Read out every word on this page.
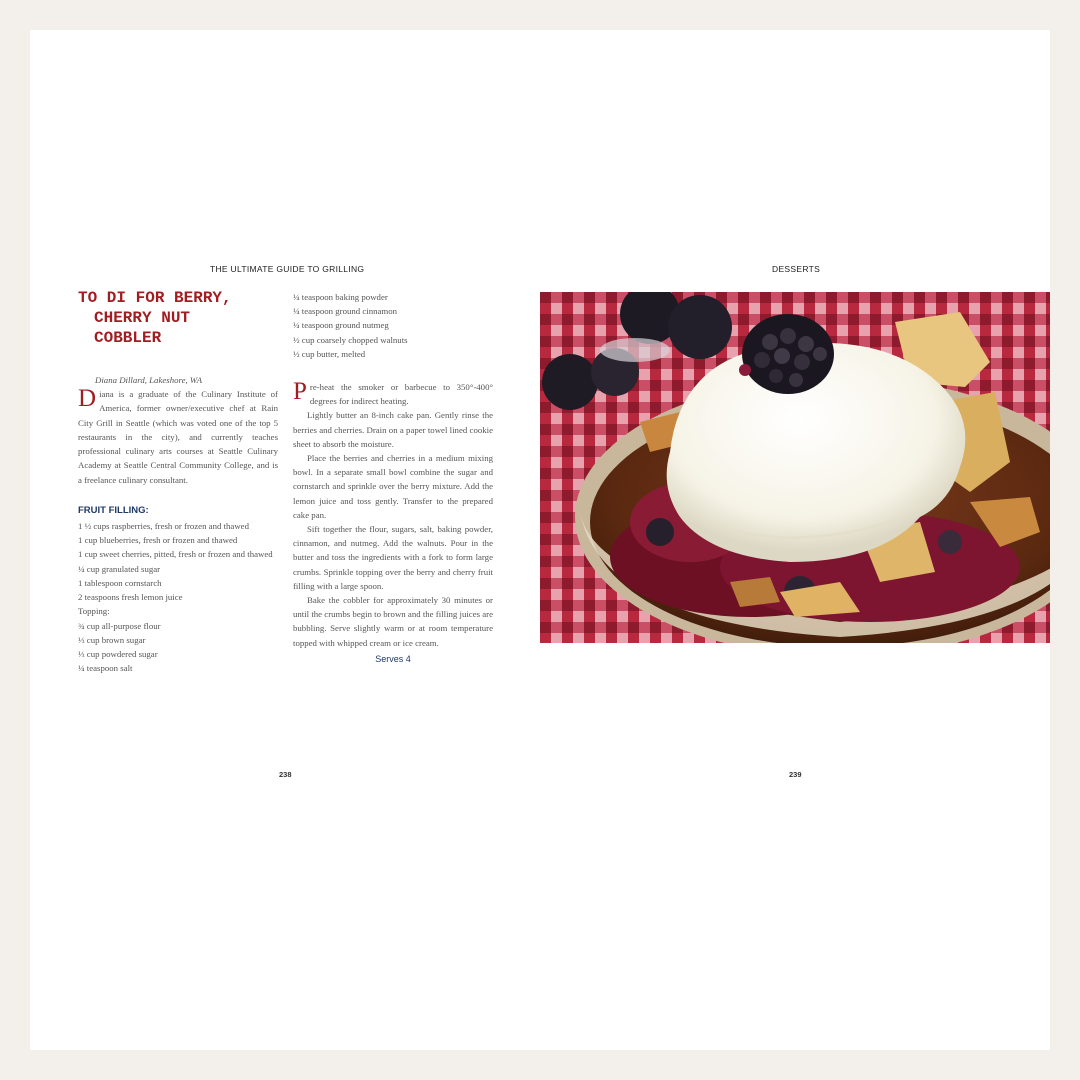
THE ULTIMATE GUIDE TO GRILLING	DESSERTS
TO DI FOR BERRY,
CHERRY NUT
COBBLER
Diana Dillard, Lakeshore, WA

Diana is a graduate of the Culinary Institute of America, former owner/executive chef at Rain City Grill in Seattle (which was voted one of the top 5 restaurants in the city), and currently teaches professional culinary arts courses at Seattle Culinary Academy at Seattle Central Community College, and is a freelance culinary consultant.

FRUIT FILLING:
1 ½ cups raspberries, fresh or frozen and thawed
1 cup blueberries, fresh or frozen and thawed
1 cup sweet cherries, pitted, fresh or frozen and thawed
¼ cup granulated sugar
1 tablespoon cornstarch
2 teaspoons fresh lemon juice
Topping:
¾ cup all-purpose flour
⅓ cup brown sugar
⅓ cup powdered sugar
¼ teaspoon salt
¼ teaspoon baking powder
¼ teaspoon ground cinnamon
¼ teaspoon ground nutmeg
½ cup coarsely chopped walnuts
½ cup butter, melted

Pre-heat the smoker or barbecue to 350°-400° degrees for indirect heating.

Lightly butter an 8-inch cake pan. Gently rinse the berries and cherries. Drain on a paper towel lined cookie sheet to absorb the moisture.

Place the berries and cherries in a medium mixing bowl. In a separate small bowl combine the sugar and cornstarch and sprinkle over the berry mixture. Add the lemon juice and toss gently. Transfer to the prepared cake pan.

Sift together the flour, sugars, salt, baking powder, cinnamon, and nutmeg. Add the walnuts. Pour in the butter and toss the ingredients with a fork to form large crumbs. Sprinkle topping over the berry and cherry fruit filling with a large spoon.

Bake the cobbler for approximately 30 minutes or until the crumbs begin to brown and the filling juices are bubbling. Serve slightly warm or at room temperature topped with whipped cream or ice cream.

Serves 4
238	239
